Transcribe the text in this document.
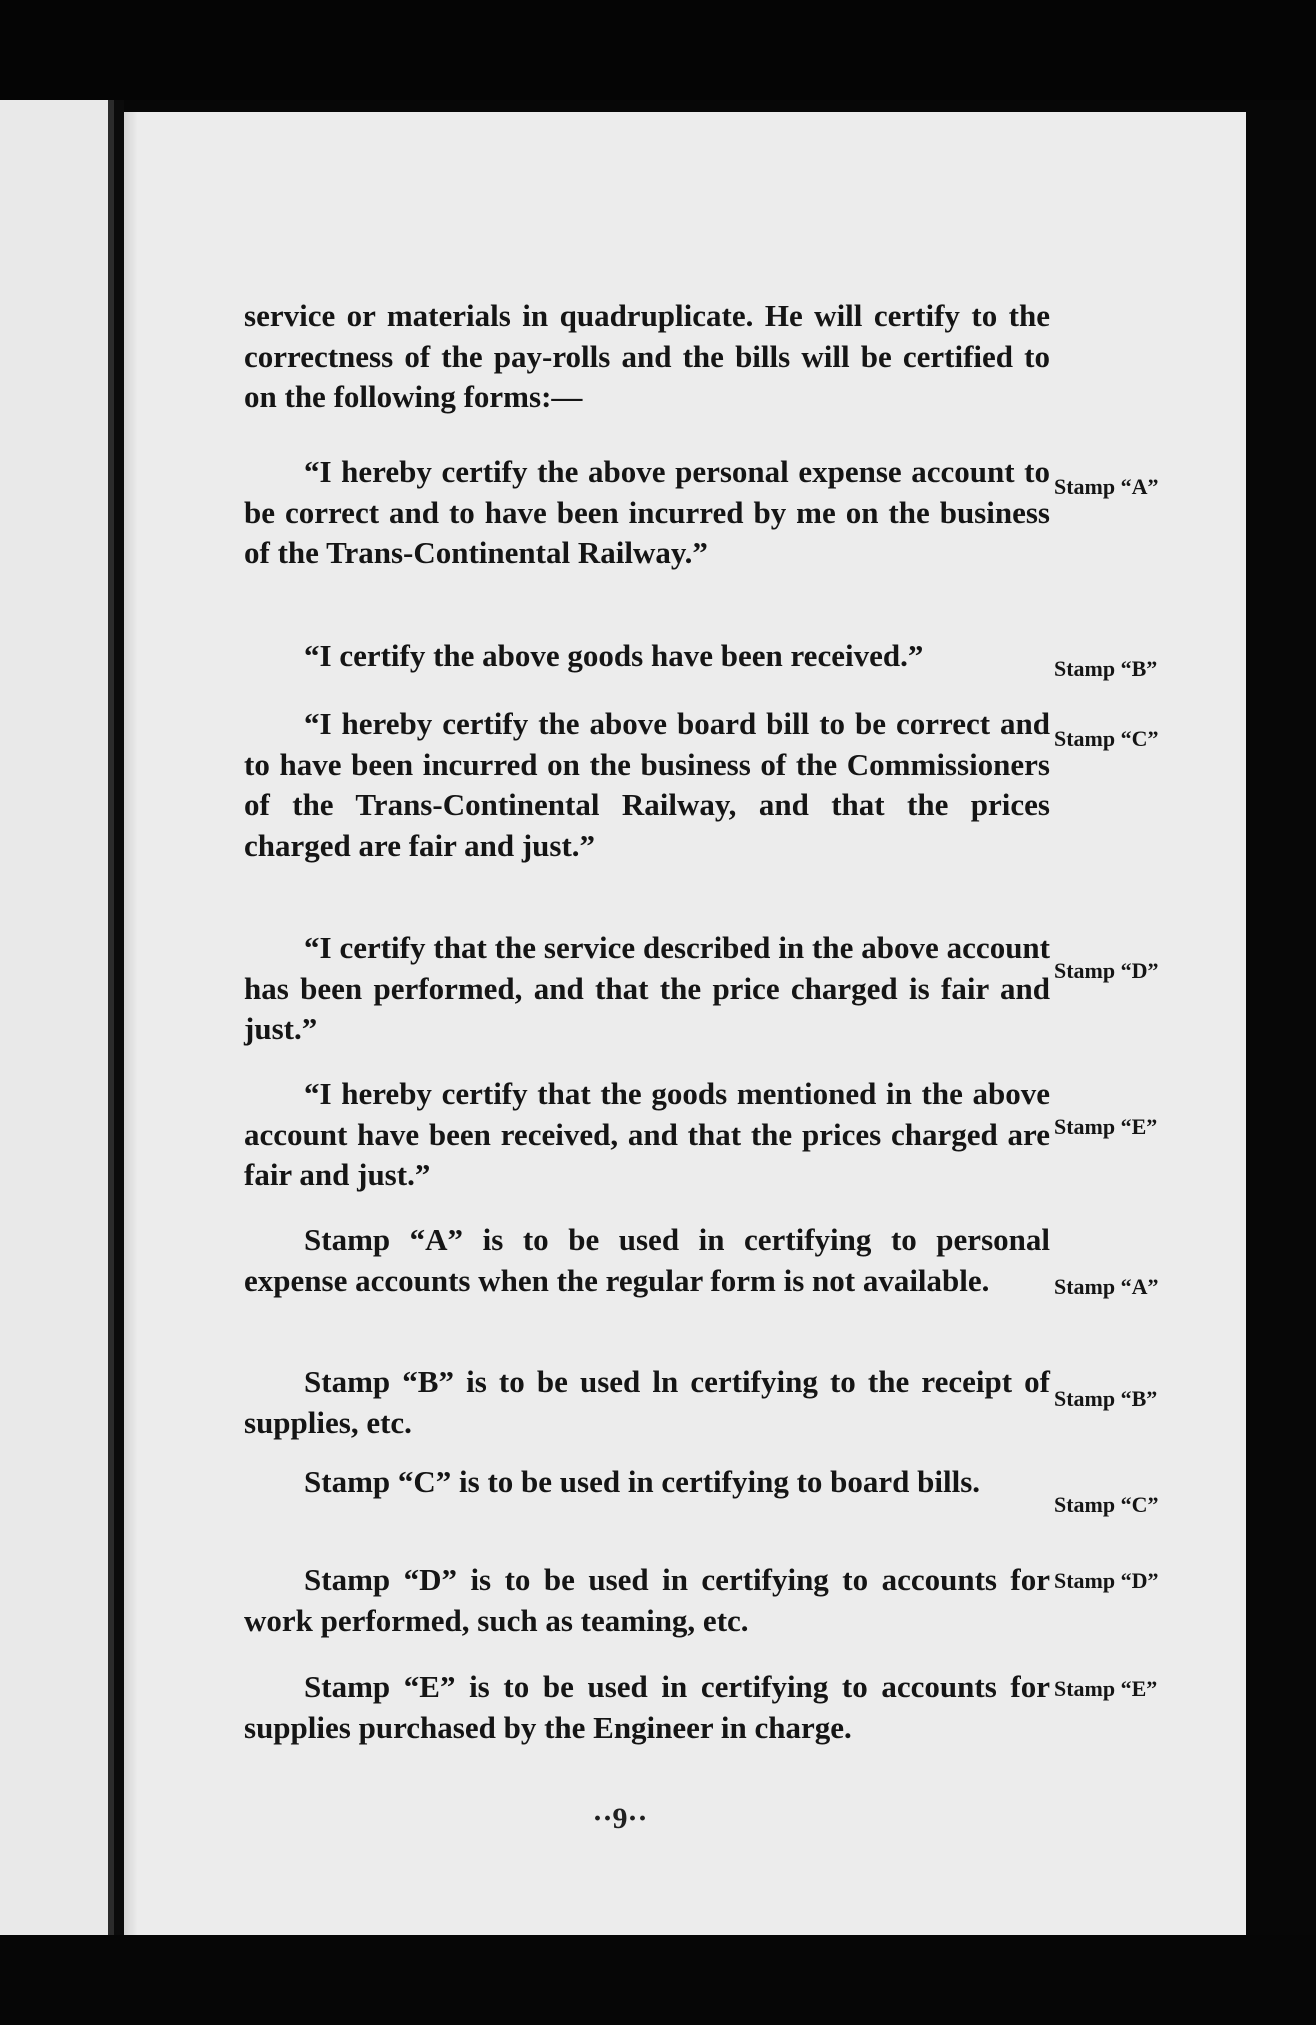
service or materials in quadruplicate. He will certify to the correctness of the pay-rolls and the bills will be certified to on the following forms:—

“I hereby certify the above personal expense account to be correct and to have been incurred by me on the business of the Trans-Continental Railway.”

Stamp “A”

“I certify the above goods have been received.”	Stamp “B”

“I hereby certify the above board bill to be correct and to have been incurred on the business of the Commissioners of the Trans-Continental Railway, and that the prices charged are fair and just.”

Stamp “C”

“I certify that the service described in the above account has been performed, and that the price charged is fair and just.”

Stamp “D”

“I hereby certify that the goods mentioned in the above account have been received, and that the prices charged are fair and just.”

Stamp “E”

Stamp “A” is to be used in certifying to personal expense accounts when the regular form is not available.	Stamp “A”

Stamp “B” is to be used ln certifying to the receipt of supplies, etc.

Stamp “B”

Stamp “C” is to be used in certifying to board bills.

Stamp “C”

Stamp “D” is to be used in certifying to accounts for work performed, such as teaming, etc.

Stamp “D”

Stamp “E” is to be used in certifying to accounts for supplies purchased by the Engineer in charge.

Stamp “E”
··9··
